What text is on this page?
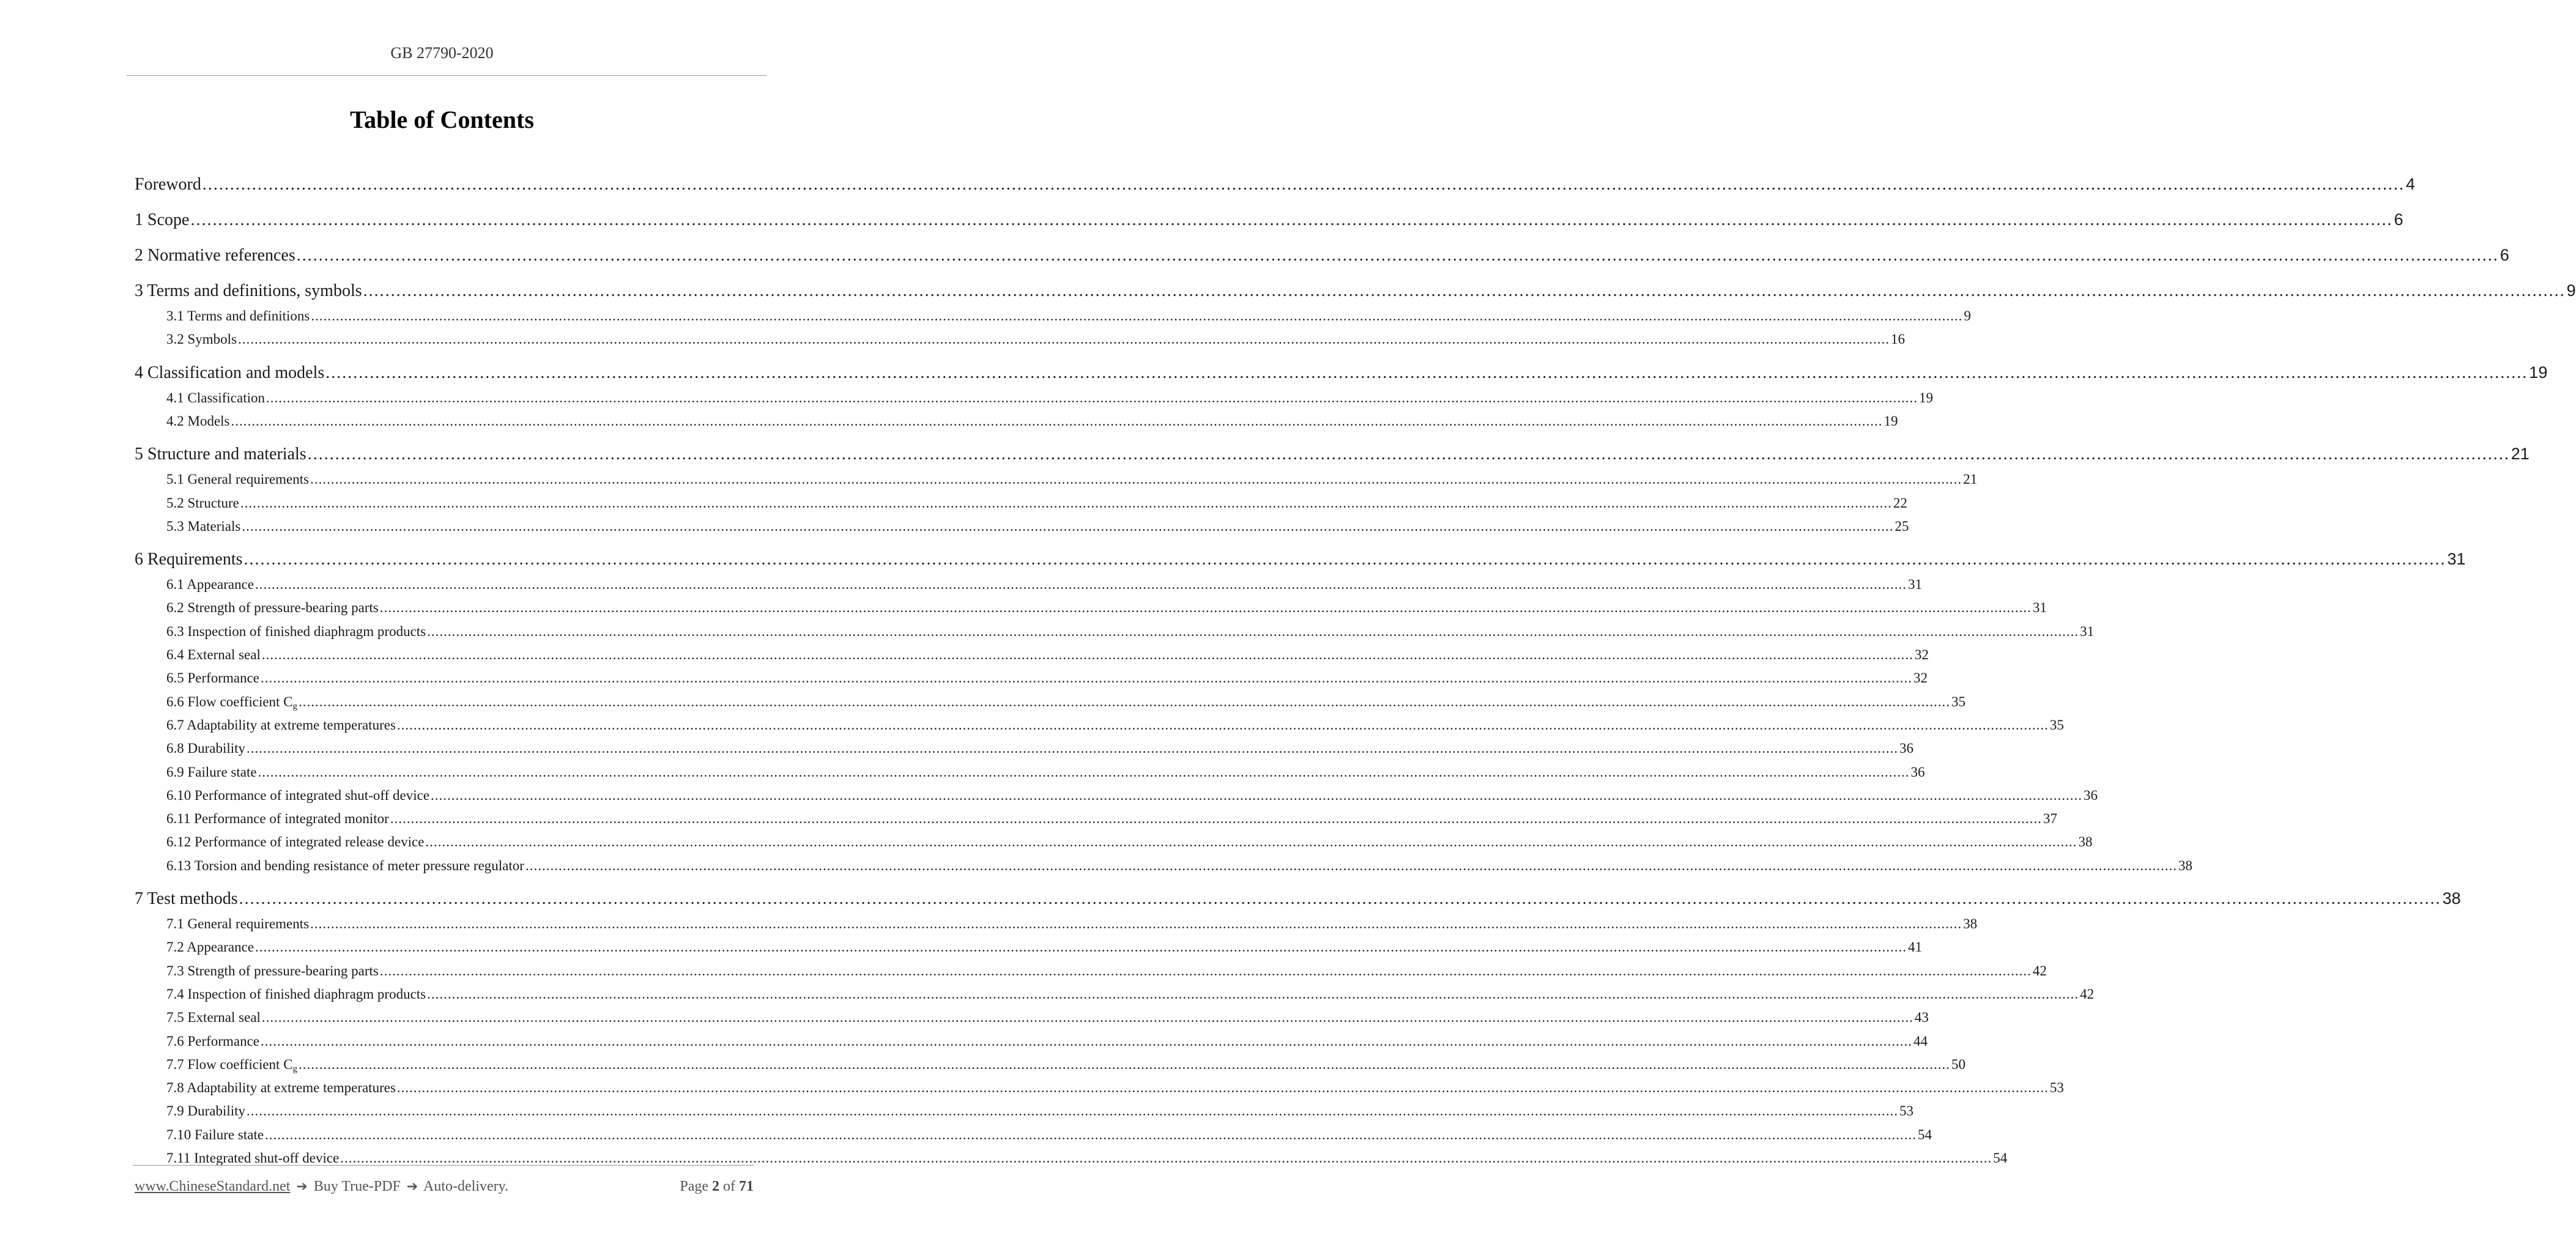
GB 27790-2020
Table of Contents
Foreword ................................................................................................................................................................................................................................................................................................................................................................................................................ 4
1 Scope ................................................................................................................................................................................................................................................................................................................................................................................................................ 6
2 Normative references ................................................................................................................................................................................................................................................................................................................................................................................................................ 6
3 Terms and definitions, symbols ................................................................................................................................................................................................................................................................................................................................................................................................................ 9
3.1 Terms and definitions ................................................................................................................................................................................................................................................................................................................................................................................................................ 9
3.2 Symbols ................................................................................................................................................................................................................................................................................................................................................................................................................ 16
4 Classification and models ................................................................................................................................................................................................................................................................................................................................................................................................................ 19
4.1 Classification ................................................................................................................................................................................................................................................................................................................................................................................................................ 19
4.2 Models ................................................................................................................................................................................................................................................................................................................................................................................................................ 19
5 Structure and materials ................................................................................................................................................................................................................................................................................................................................................................................................................ 21
5.1 General requirements ................................................................................................................................................................................................................................................................................................................................................................................................................ 21
5.2 Structure ................................................................................................................................................................................................................................................................................................................................................................................................................ 22
5.3 Materials ................................................................................................................................................................................................................................................................................................................................................................................................................ 25
6 Requirements ................................................................................................................................................................................................................................................................................................................................................................................................................ 31
6.1 Appearance ................................................................................................................................................................................................................................................................................................................................................................................................................ 31
6.2 Strength of pressure-bearing parts ................................................................................................................................................................................................................................................................................................................................................................................................................ 31
6.3 Inspection of finished diaphragm products ................................................................................................................................................................................................................................................................................................................................................................................................................ 31
6.4 External seal ................................................................................................................................................................................................................................................................................................................................................................................................................ 32
6.5 Performance ................................................................................................................................................................................................................................................................................................................................................................................................................ 32
6.6 Flow coefficient $C_g$ ................................................................................................................................................................................................................................................................................................................................................................................................................ 35
6.7 Adaptability at extreme temperatures ................................................................................................................................................................................................................................................................................................................................................................................................................ 35
6.8 Durability ................................................................................................................................................................................................................................................................................................................................................................................................................ 36
6.9 Failure state ................................................................................................................................................................................................................................................................................................................................................................................................................ 36
6.10 Performance of integrated shut-off device ................................................................................................................................................................................................................................................................................................................................................................................................................ 36
6.11 Performance of integrated monitor ................................................................................................................................................................................................................................................................................................................................................................................................................ 37
6.12 Performance of integrated release device ................................................................................................................................................................................................................................................................................................................................................................................................................ 38
6.13 Torsion and bending resistance of meter pressure regulator ................................................................................................................................................................................................................................................................................................................................................................................................................ 38
7 Test methods ................................................................................................................................................................................................................................................................................................................................................................................................................ 38
7.1 General requirements ................................................................................................................................................................................................................................................................................................................................................................................................................ 38
7.2 Appearance ................................................................................................................................................................................................................................................................................................................................................................................................................ 41
7.3 Strength of pressure-bearing parts ................................................................................................................................................................................................................................................................................................................................................................................................................ 42
7.4 Inspection of finished diaphragm products ................................................................................................................................................................................................................................................................................................................................................................................................................ 42
7.5 External seal ................................................................................................................................................................................................................................................................................................................................................................................................................ 43
7.6 Performance ................................................................................................................................................................................................................................................................................................................................................................................................................ 44
7.7 Flow coefficient $C_g$ ................................................................................................................................................................................................................................................................................................................................................................................................................ 50
7.8 Adaptability at extreme temperatures ................................................................................................................................................................................................................................................................................................................................................................................................................ 53
7.9 Durability ................................................................................................................................................................................................................................................................................................................................................................................................................ 53
7.10 Failure state ................................................................................................................................................................................................................................................................................................................................................................................................................ 54
7.11 Integrated shut-off device ................................................................................................................................................................................................................................................................................................................................................................................................................ 54
www.ChineseStandard.net ➔ Buy True-PDF ➔ Auto-delivery.	Page 2 of 71
